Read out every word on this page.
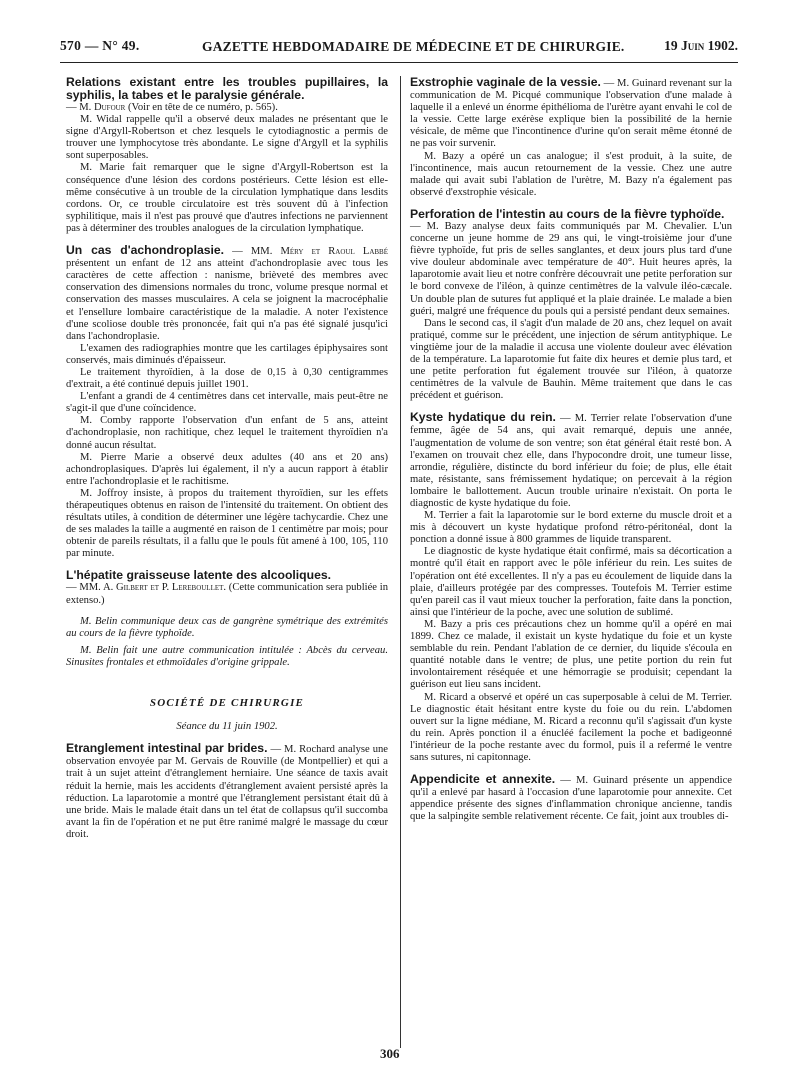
570 — N° 49.	GAZETTE HEBDOMADAIRE DE MÉDECINE ET DE CHIRURGIE.	19 Juin 1902.
Relations existant entre les troubles pupillaires, la syphilis, la tabes et le paralysie générale.

— M. Dufour (Voir en tête de ce numéro, p. 565).

M. Widal rappelle qu'il a observé deux malades ne présentant que le signe d'Argyll-Robertson et chez lesquels le cytodiagnostic a permis de trouver une lymphocytose très abondante. Le signe d'Argyll et la syphilis sont superposables.

M. Marie fait remarquer que le signe d'Argyll-Robertson est la conséquence d'une lésion des cordons postérieurs. Cette lésion est elle-même consécutive à un trouble de la circulation lymphatique dans lesdits cordons. Or, ce trouble circulatoire est très souvent dû à l'infection syphilitique, mais il n'est pas prouvé que d'autres infections ne parviennent pas à déterminer des troubles analogues de la circulation lymphatique.

Un cas d'achondroplasie. — MM. Méry et Raoul Labbé présentent un enfant de 12 ans atteint d'achondroplasie avec tous les caractères de cette affection : nanisme, brièveté des membres avec conservation des dimensions normales du tronc, volume presque normal et conservation des masses musculaires. A cela se joignent la macrocéphalie et l'ensellure lombaire caractéristique de la maladie. A noter l'existence d'une scoliose double très prononcée, fait qui n'a pas été signalé jusqu'ici dans l'achondroplasie.

L'examen des radiographies montre que les cartilages épiphysaires sont conservés, mais diminués d'épaisseur.

Le traitement thyroïdien, à la dose de 0,15 à 0,30 centigrammes d'extrait, a été continué depuis juillet 1901.

L'enfant a grandi de 4 centimètres dans cet intervalle, mais peut-être ne s'agit-il que d'une coïncidence.

M. Comby rapporte l'observation d'un enfant de 5 ans, atteint d'achondroplasie, non rachitique, chez lequel le traitement thyroïdien n'a donné aucun résultat.

M. Pierre Marie a observé deux adultes (40 ans et 20 ans) achondroplasiques. D'après lui également, il n'y a aucun rapport à établir entre l'achondroplasie et le rachitisme.

M. Joffroy insiste, à propos du traitement thyroïdien, sur les effets thérapeutiques obtenus en raison de l'intensité du traitement. On obtient des résultats utiles, à condition de déterminer une légère tachycardie. Chez une de ses malades la taille a augmenté en raison de 1 centimètre par mois; pour obtenir de pareils résultats, il a fallu que le pouls fût amené à 100, 105, 110 par minute.

L'hépatite graisseuse latente des alcooliques.

— MM. A. Gilbert et P. Lereboullet. (Cette communication sera publiée in extenso.)

M. Belin communique deux cas de gangrène symétrique des extrémités au cours de la fièvre typhoïde.

M. Belin fait une autre communication intitulée : Abcès du cerveau. Sinusites frontales et ethmoïdales d'origine grippale.

SOCIÉTÉ DE CHIRURGIE
Séance du 11 juin 1902.

Etranglement intestinal par brides. — M. Rochard analyse une observation envoyée par M. Gervais de Rouville (de Montpellier) et qui a trait à un sujet atteint d'étranglement herniaire. Une séance de taxis avait réduit la hernie, mais les accidents d'étranglement avaient persisté après la réduction. La laparotomie a montré que l'étranglement persistant était dû à une bride. Mais le malade était dans un tel état de collapsus qu'il succomba avant la fin de l'opération et ne put être ranimé malgré le massage du cœur droit.

Exstrophie vaginale de la vessie. — M. Guinard revenant sur la communication de M. Picqué communique l'observation d'une malade à laquelle il a enlevé un énorme épithélioma de l'urètre ayant envahi le col de la vessie. Cette large exérèse explique bien la possibilité de la hernie vésicale, de même que l'incontinence d'urine qu'on serait même étonné de ne pas voir survenir.

M. Bazy a opéré un cas analogue; il s'est produit, à la suite, de l'incontinence, mais aucun retournement de la vessie. Chez une autre malade qui avait subi l'ablation de l'urètre, M. Bazy n'a également pas observé d'exstrophie vésicale.

Perforation de l'intestin au cours de la fièvre typhoïde.

— M. Bazy analyse deux faits communiqués par M. Chevalier. L'un concerne un jeune homme de 29 ans qui, le vingt-troisième jour d'une fièvre typhoïde, fut pris de selles sanglantes, et deux jours plus tard d'une vive douleur abdominale avec température de 40°. Huit heures après, la laparotomie avait lieu et notre confrère découvrait une petite perforation sur le bord convexe de l'iléon, à quinze centimètres de la valvule iléo-cæcale. Un double plan de sutures fut appliqué et la plaie drainée. Le malade a bien guéri, malgré une fréquence du pouls qui a persisté pendant deux semaines.

Dans le second cas, il s'agit d'un malade de 20 ans, chez lequel on avait pratiqué, comme sur le précédent, une injection de sérum antityphique. Le vingtième jour de la maladie il accusa une violente douleur avec élévation de la température. La laparotomie fut faite dix heures et demie plus tard, et une petite perforation fut également trouvée sur l'iléon, à quatorze centimètres de la valvule de Bauhin. Même traitement que dans le cas précédent et guérison.

Kyste hydatique du rein. — M. Terrier relate l'observation d'une femme, âgée de 54 ans, qui avait remarqué, depuis une année, l'augmentation de volume de son ventre; son état général était resté bon. A l'examen on trouvait chez elle, dans l'hypocondre droit, une tumeur lisse, arrondie, régulière, distincte du bord inférieur du foie; de plus, elle était mate, résistante, sans frémissement hydatique; on percevait à la région lombaire le ballottement. Aucun trouble urinaire n'existait. On porta le diagnostic de kyste hydatique du foie.

M. Terrier a fait la laparotomie sur le bord externe du muscle droit et a mis à découvert un kyste hydatique profond rétro-péritonéal, dont la ponction a donné issue à 800 grammes de liquide transparent.

Le diagnostic de kyste hydatique était confirmé, mais sa décortication a montré qu'il était en rapport avec le pôle inférieur du rein. Les suites de l'opération ont été excellentes. Il n'y a pas eu écoulement de liquide dans la plaie, d'ailleurs protégée par des compresses. Toutefois M. Terrier estime qu'en pareil cas il vaut mieux toucher la perforation, faite dans la ponction, ainsi que l'intérieur de la poche, avec une solution de sublimé.

M. Bazy a pris ces précautions chez un homme qu'il a opéré en mai 1899. Chez ce malade, il existait un kyste hydatique du foie et un kyste semblable du rein. Pendant l'ablation de ce dernier, du liquide s'écoula en quantité notable dans le ventre; de plus, une petite portion du rein fut involontairement réséquée et une hémorragie se produisit; cependant la guérison eut lieu sans incident.

M. Ricard a observé et opéré un cas superposable à celui de M. Terrier. Le diagnostic était hésitant entre kyste du foie ou du rein. L'abdomen ouvert sur la ligne médiane, M. Ricard a reconnu qu'il s'agissait d'un kyste du rein. Après ponction il a énucléé facilement la poche et badigeonné l'intérieur de la poche restante avec du formol, puis il a refermé le ventre sans sutures, ni capitonnage.

Appendicite et annexite. — M. Guinard présente un appendice qu'il a enlevé par hasard à l'occasion d'une laparotomie pour annexite. Cet appendice présente des signes d'inflammation chronique ancienne, tandis que la salpingite semble relativement récente. Ce fait, joint aux troubles di-

306
